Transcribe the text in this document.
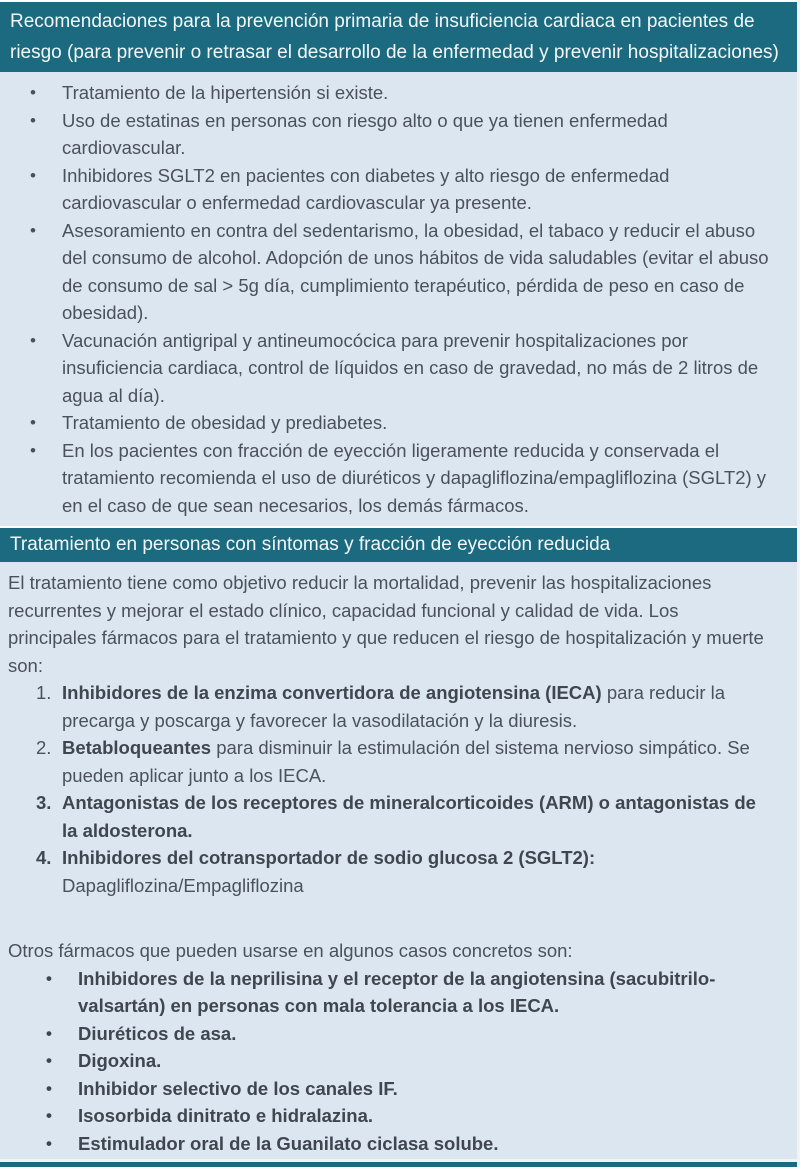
Recomendaciones para la prevención primaria de insuficiencia cardiaca en pacientes de riesgo (para prevenir o retrasar el desarrollo de la enfermedad y prevenir hospitalizaciones)
• Tratamiento de la hipertensión si existe.
• Uso de estatinas en personas con riesgo alto o que ya tienen enfermedad cardiovascular.
• Inhibidores SGLT2 en pacientes con diabetes y alto riesgo de enfermedad cardiovascular o enfermedad cardiovascular ya presente.
• Asesoramiento en contra del sedentarismo, la obesidad, el tabaco y reducir el abuso del consumo de alcohol. Adopción de unos hábitos de vida saludables (evitar el abuso de consumo de sal > 5g día, cumplimiento terapéutico, pérdida de peso en caso de obesidad).
• Vacunación antigripal y antineumocócica para prevenir hospitalizaciones por insuficiencia cardiaca, control de líquidos en caso de gravedad, no más de 2 litros de agua al día).
• Tratamiento de obesidad y prediabetes.
• En los pacientes con fracción de eyección ligeramente reducida y conservada el tratamiento recomienda el uso de diuréticos y dapagliflozina/empagliflozina (SGLT2) y en el caso de que sean necesarios, los demás fármacos.
Tratamiento en personas con síntomas y fracción de eyección reducida

El tratamiento tiene como objetivo reducir la mortalidad, prevenir las hospitalizaciones recurrentes y mejorar el estado clínico, capacidad funcional y calidad de vida. Los principales fármacos para el tratamiento y que reducen el riesgo de hospitalización y muerte son:

1. Inhibidores de la enzima convertidora de angiotensina (IECA) para reducir la precarga y poscarga y favorecer la vasodilatación y la diuresis.
2. Betabloqueantes para disminuir la estimulación del sistema nervioso simpático. Se pueden aplicar junto a los IECA.
3. Antagonistas de los receptores de mineralcorticoides (ARM) o antagonistas de la aldosterona.
4. Inhibidores del cotransportador de sodio glucosa 2 (SGLT2):
Dapagliflozina/Empagliflozina

Otros fármacos que pueden usarse en algunos casos concretos son:

• Inhibidores de la neprilisina y el receptor de la angiotensina (sacubitrilo-valsartán) en personas con mala tolerancia a los IECA.
• Diuréticos de asa.
• Digoxina.
• Inhibidor selectivo de los canales IF.
• Isosorbida dinitrato e hidralazina.
• Estimulador oral de la Guanilato ciclasa solube.
